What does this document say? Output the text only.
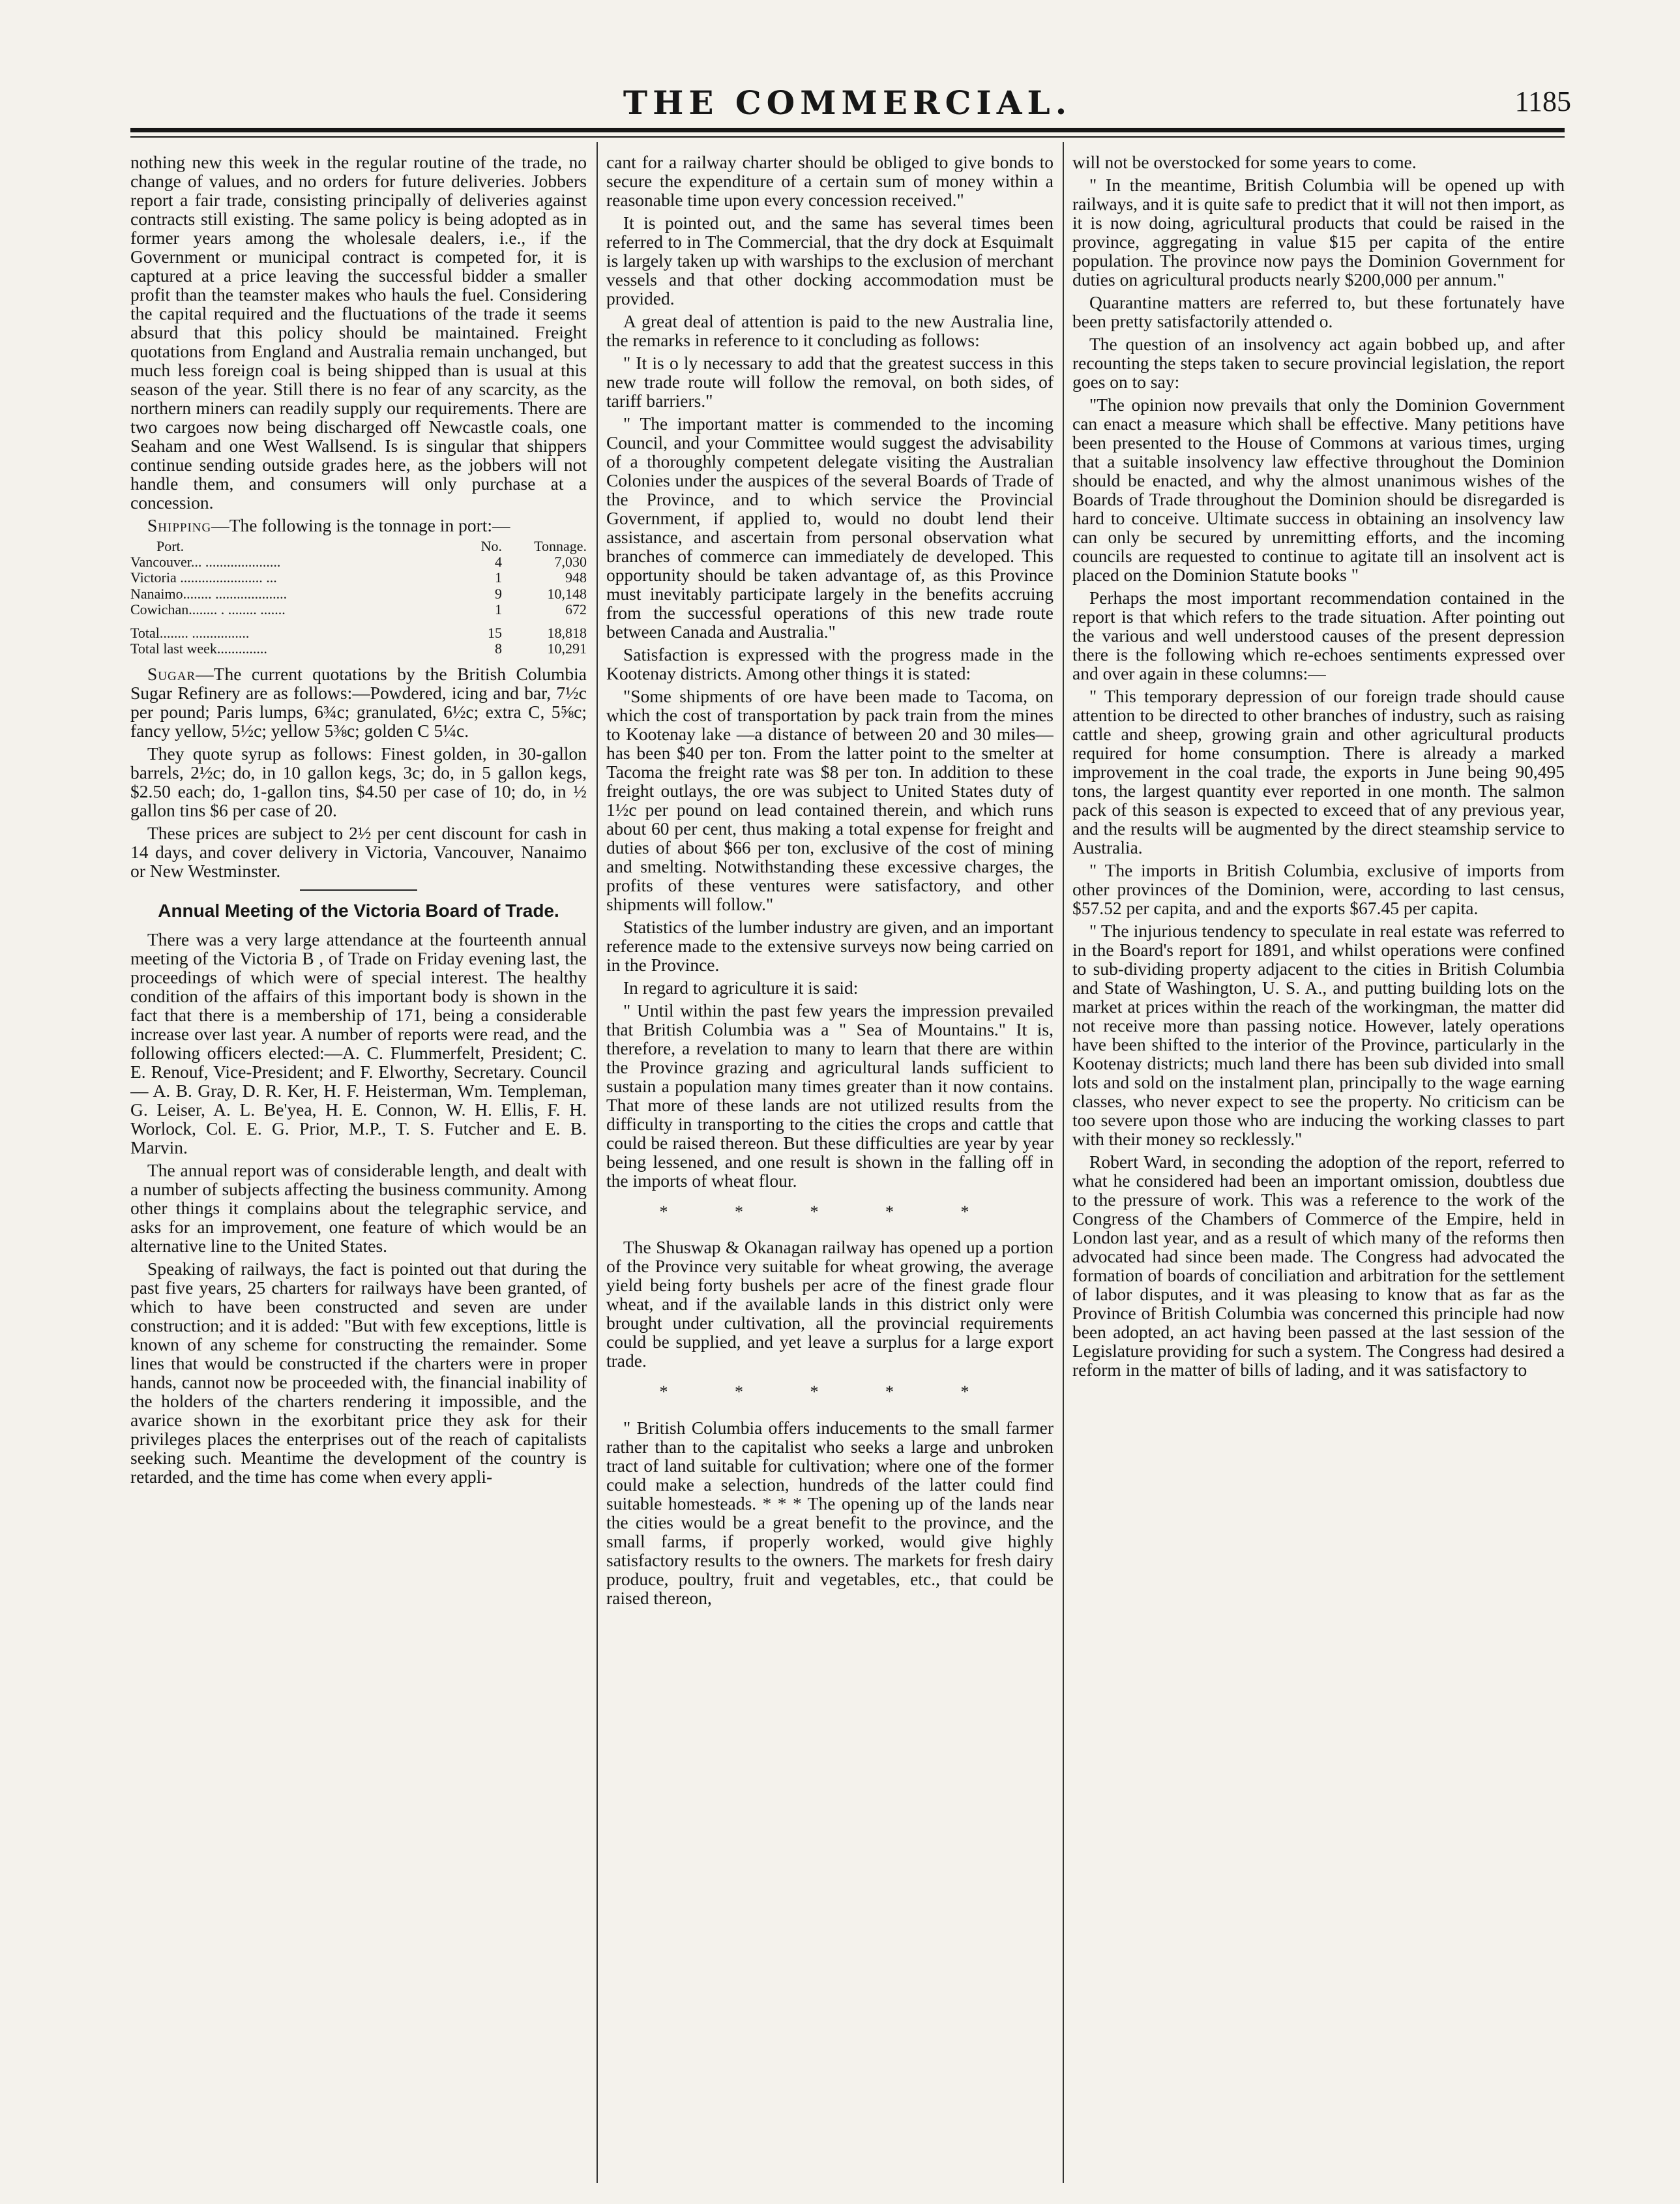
THE COMMERCIAL.	1185

nothing new this week in the regular routine of the trade, no change of values, and no orders for future deliveries. Jobbers report a fair trade, consisting principally of deliveries against contracts still existing. The same policy is being adopted as in former years among the wholesale dealers, i.e., if the Government or municipal contract is competed for, it is captured at a price leaving the successful bidder a smaller profit than the teamster makes who hauls the fuel. Considering the capital required and the fluctuations of the trade it seems absurd that this policy should be maintained. Freight quotations from England and Australia remain unchanged, but much less foreign coal is being shipped than is usual at this season of the year. Still there is no fear of any scarcity, as the northern miners can readily supply our requirements. There are two cargoes now being discharged off Newcastle coals, one Seaham and one West Wallsend. Is is singular that shippers continue sending outside grades here, as the jobbers will not handle them, and consumers will only purchase at a concession.

Shipping—The following is the tonnage in port:—

Port.	No.	Tonnage.
Vancouver... .....................	4	7,030
Victoria ....................... ...	1	948
Nanaimo........ ....................	9	10,148
Cowichan........ . ........ .......	1	672
Total........ ................	15	18,818
Total last week..............	8	10,291

Sugar—The current quotations by the British Columbia Sugar Refinery are as follows:—Powdered, icing and bar, 7½c per pound; Paris lumps, 6¾c; granulated, 6½c; extra C, 5⅝c; fancy yellow, 5½c; yellow 5⅜c; golden C 5¼c.

They quote syrup as follows: Finest golden, in 30-gallon barrels, 2½c; do, in 10 gallon kegs, 3c; do, in 5 gallon kegs, $2.50 each; do, 1-gallon tins, $4.50 per case of 10; do, in ½ gallon tins $6 per case of 20.

These prices are subject to 2½ per cent discount for cash in 14 days, and cover delivery in Victoria, Vancouver, Nanaimo or New Westminster.

Annual Meeting of the Victoria Board of Trade.

There was a very large attendance at the fourteenth annual meeting of the Victoria B , of Trade on Friday evening last, the proceedings of which were of special interest. The healthy condition of the affairs of this important body is shown in the fact that there is a membership of 171, being a considerable increase over last year. A number of reports were read, and the following officers elected:—A. C. Flummerfelt, President; C. E. Renouf, Vice-President; and F. Elworthy, Secretary. Council — A. B. Gray, D. R. Ker, H. F. Heisterman, Wm. Templeman, G. Leiser, A. L. Be'yea, H. E. Connon, W. H. Ellis, F. H. Worlock, Col. E. G. Prior, M.P., T. S. Futcher and E. B. Marvin.

The annual report was of considerable length, and dealt with a number of subjects affecting the business community. Among other things it complains about the telegraphic service, and asks for an improvement, one feature of which would be an alternative line to the United States.

Speaking of railways, the fact is pointed out that during the past five years, 25 charters for railways have been granted, of which to have been constructed and seven are under construction; and it is added: "But with few exceptions, little is known of any scheme for constructing the remainder. Some lines that would be constructed if the charters were in proper hands, cannot now be proceeded with, the financial inability of the holders of the charters rendering it impossible, and the avarice shown in the exorbitant price they ask for their privileges places the enterprises out of the reach of capitalists seeking such. Meantime the development of the country is retarded, and the time has come when every appli-

cant for a railway charter should be obliged to give bonds to secure the expenditure of a certain sum of money within a reasonable time upon every concession received."

It is pointed out, and the same has several times been referred to in The Commercial, that the dry dock at Esquimalt is largely taken up with warships to the exclusion of merchant vessels and that other docking accommodation must be provided.

A great deal of attention is paid to the new Australia line, the remarks in reference to it concluding as follows:

" It is o ly necessary to add that the greatest success in this new trade route will follow the removal, on both sides, of tariff barriers."

" The important matter is commended to the incoming Council, and your Committee would suggest the advisability of a thoroughly competent delegate visiting the Australian Colonies under the auspices of the several Boards of Trade of the Province, and to which service the Provincial Government, if applied to, would no doubt lend their assistance, and ascertain from personal observation what branches of commerce can immediately de developed. This opportunity should be taken advantage of, as this Province must inevitably participate largely in the benefits accruing from the successful operations of this new trade route between Canada and Australia."

Satisfaction is expressed with the progress made in the Kootenay districts. Among other things it is stated:

"Some shipments of ore have been made to Tacoma, on which the cost of transportation by pack train from the mines to Kootenay lake —a distance of between 20 and 30 miles—has been $40 per ton. From the latter point to the smelter at Tacoma the freight rate was $8 per ton. In addition to these freight outlays, the ore was subject to United States duty of 1½c per pound on lead contained therein, and which runs about 60 per cent, thus making a total expense for freight and duties of about $66 per ton, exclusive of the cost of mining and smelting. Notwithstanding these excessive charges, the profits of these ventures were satisfactory, and other shipments will follow."

Statistics of the lumber industry are given, and an important reference made to the extensive surveys now being carried on in the Province.

In regard to agriculture it is said:

" Until within the past few years the impression prevailed that British Columbia was a " Sea of Mountains." It is, therefore, a revelation to many to learn that there are within the Province grazing and agricultural lands sufficient to sustain a population many times greater than it now contains. That more of these lands are not utilized results from the difficulty in transporting to the cities the crops and cattle that could be raised thereon. But these difficulties are year by year being lessened, and one result is shown in the falling off in the imports of wheat flour.

* * * * *

The Shuswap & Okanagan railway has opened up a portion of the Province very suitable for wheat growing, the average yield being forty bushels per acre of the finest grade flour wheat, and if the available lands in this district only were brought under cultivation, all the provincial requirements could be supplied, and yet leave a surplus for a large export trade.

* * * * *

" British Columbia offers inducements to the small farmer rather than to the capitalist who seeks a large and unbroken tract of land suitable for cultivation; where one of the former could make a selection, hundreds of the latter could find suitable homesteads. * * * The opening up of the lands near the cities would be a great benefit to the province, and the small farms, if properly worked, would give highly satisfactory results to the owners. The markets for fresh dairy produce, poultry, fruit and vegetables, etc., that could be raised thereon,

will not be overstocked for some years to come.

" In the meantime, British Columbia will be opened up with railways, and it is quite safe to predict that it will not then import, as it is now doing, agricultural products that could be raised in the province, aggregating in value $15 per capita of the entire population. The province now pays the Dominion Government for duties on agricultural products nearly $200,000 per annum."

Quarantine matters are referred to, but these fortunately have been pretty satisfactorily attended o.

The question of an insolvency act again bobbed up, and after recounting the steps taken to secure provincial legislation, the report goes on to say:

"The opinion now prevails that only the Dominion Government can enact a measure which shall be effective. Many petitions have been presented to the House of Commons at various times, urging that a suitable insolvency law effective throughout the Dominion should be enacted, and why the almost unanimous wishes of the Boards of Trade throughout the Dominion should be disregarded is hard to conceive. Ultimate success in obtaining an insolvency law can only be secured by unremitting efforts, and the incoming councils are requested to continue to agitate till an insolvent act is placed on the Dominion Statute books "

Perhaps the most important recommendation contained in the report is that which refers to the trade situation. After pointing out the various and well understood causes of the present depression there is the following which re-echoes sentiments expressed over and over again in these columns:—

" This temporary depression of our foreign trade should cause attention to be directed to other branches of industry, such as raising cattle and sheep, growing grain and other agricultural products required for home consumption. There is already a marked improvement in the coal trade, the exports in June being 90,495 tons, the largest quantity ever reported in one month. The salmon pack of this season is expected to exceed that of any previous year, and the results will be augmented by the direct steamship service to Australia.

" The imports in British Columbia, exclusive of imports from other provinces of the Dominion, were, according to last census, $57.52 per capita, and and the exports $67.45 per capita.

" The injurious tendency to speculate in real estate was referred to in the Board's report for 1891, and whilst operations were confined to sub-dividing property adjacent to the cities in British Columbia and State of Washington, U. S. A., and putting building lots on the market at prices within the reach of the workingman, the matter did not receive more than passing notice. However, lately operations have been shifted to the interior of the Province, particularly in the Kootenay districts; much land there has been sub divided into small lots and sold on the instalment plan, principally to the wage earning classes, who never expect to see the property. No criticism can be too severe upon those who are inducing the working classes to part with their money so recklessly."

Robert Ward, in seconding the adoption of the report, referred to what he considered had been an important omission, doubtless due to the pressure of work. This was a reference to the work of the Congress of the Chambers of Commerce of the Empire, held in London last year, and as a result of which many of the reforms then advocated had since been made. The Congress had advocated the formation of boards of conciliation and arbitration for the settlement of labor disputes, and it was pleasing to know that as far as the Province of British Columbia was concerned this principle had now been adopted, an act having been passed at the last session of the Legislature providing for such a system. The Congress had desired a reform in the matter of bills of lading, and it was satisfactory to
